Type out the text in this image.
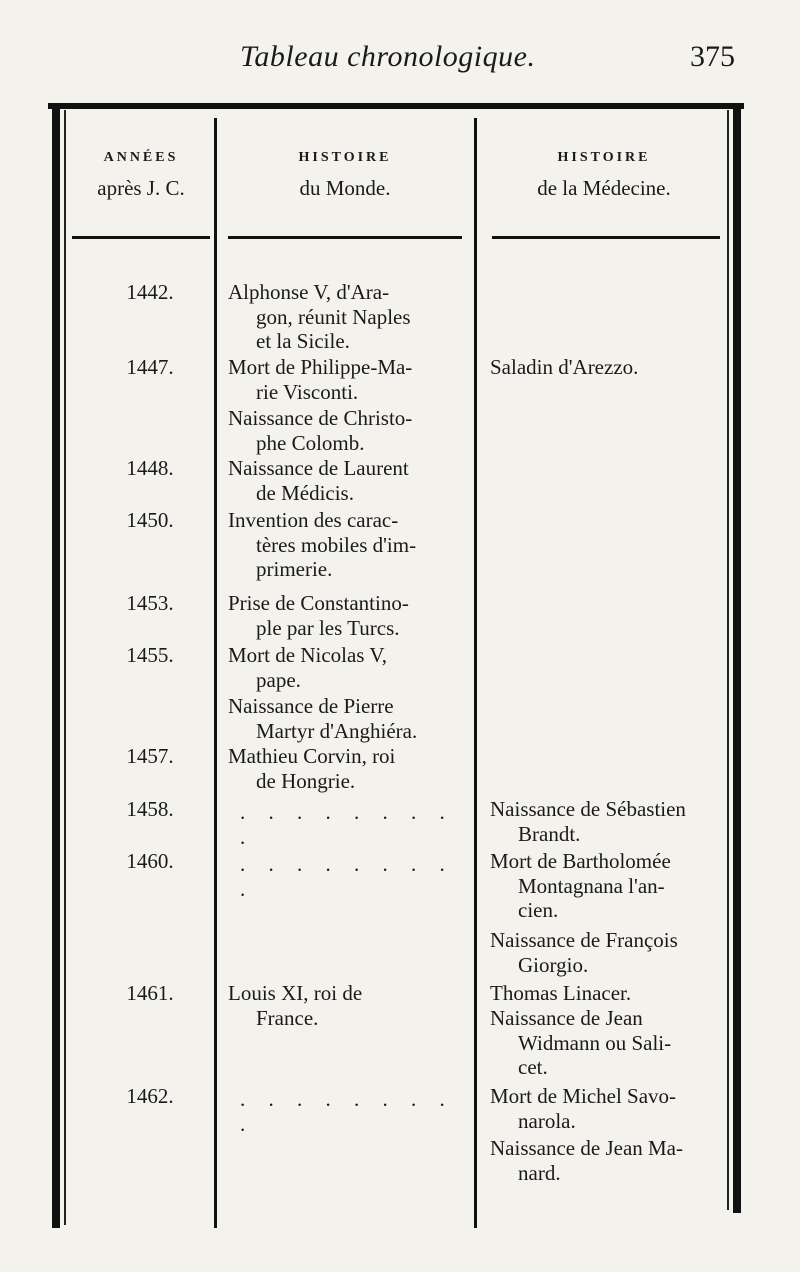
Tableau chronologique.	375
ANNÉES
après J. C.
HISTOIRE
du Monde.
HISTOIRE
de la Médecine.
1442.
1447.
1448.
1450.
1453.
1455.
1457.
1458.
1460.
1461.
1462.
Alphonse V, d'Ara-
gon, réunit Naples
et la Sicile.
Mort de Philippe-Ma-
rie Visconti.
Naissance de Christo-
phe Colomb.
Naissance de Laurent
de Médicis.
Invention des carac-
tères mobiles d'im-
primerie.
Prise de Constantino-
ple par les Turcs.
Mort de Nicolas V,
pape.
Naissance de Pierre
Martyr d'Anghiéra.
Mathieu Corvin, roi
de Hongrie.
. . . . . . . . .
. . . . . . . . .
Louis XI, roi de
France.
. . . . . . . . .
Saladin d'Arezzo.
Naissance de Sébastien
Brandt.
Mort de Bartholomée
Montagnana l'an-
cien.
Naissance de François
Giorgio.
Thomas Linacer.
Naissance de Jean
Widmann ou Sali-
cet.
Mort de Michel Savo-
narola.
Naissance de Jean Ma-
nard.
